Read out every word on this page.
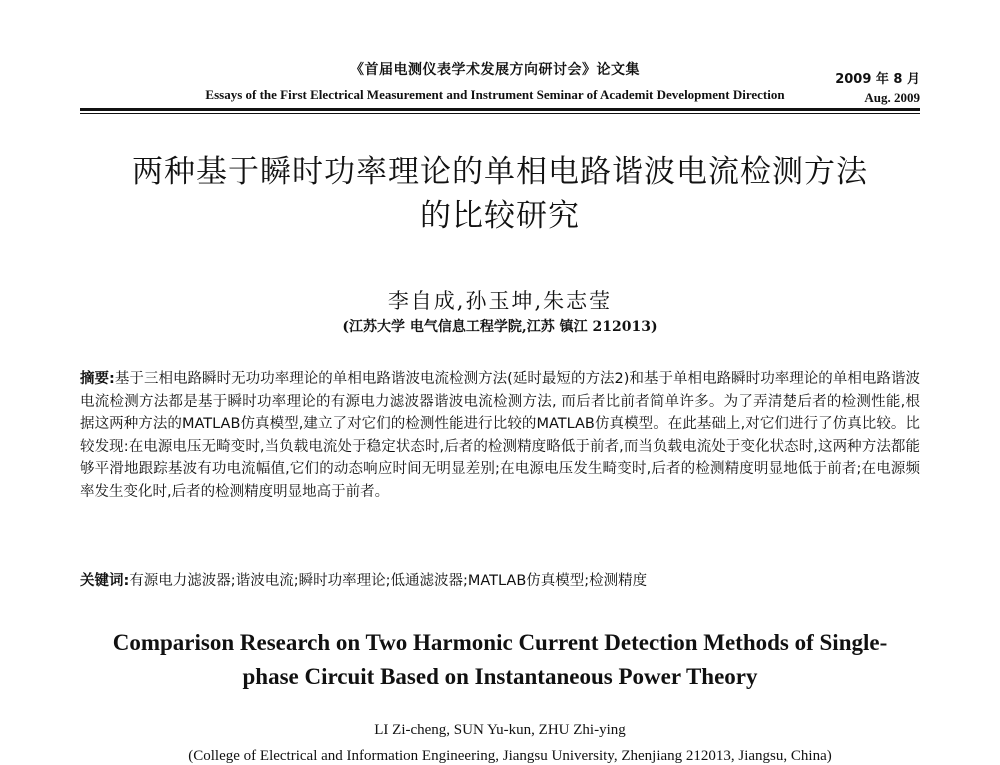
《首届电测仪表学术发展方向研讨会》论文集
2009 年 8 月
Essays of the First Electrical Measurement and Instrument Seminar of Academit Development Direction	Aug. 2009
两种基于瞬时功率理论的单相电路谐波电流检测方法
的比较研究
李自成,孙玉坤,朱志莹
(江苏大学 电气信息工程学院,江苏 镇江 212013)
摘要:基于三相电路瞬时无功功率理论的单相电路谐波电流检测方法(延时最短的方法2)和基于单相电路瞬时功率理论的单相电路谐波电流检测方法都是基于瞬时功率理论的有源电力滤波器谐波电流检测方法, 而后者比前者简单许多。为了弄清楚后者的检测性能,根据这两种方法的MATLAB仿真模型,建立了对它们的检测性能进行比较的MATLAB仿真模型。在此基础上,对它们进行了仿真比较。比较发现:在电源电压无畸变时,当负载电流处于稳定状态时,后者的检测精度略低于前者,而当负载电流处于变化状态时,这两种方法都能够平滑地跟踪基波有功电流幅值,它们的动态响应时间无明显差别;在电源电压发生畸变时,后者的检测精度明显地低于前者;在电源频率发生变化时,后者的检测精度明显地高于前者。
关键词:有源电力滤波器;谐波电流;瞬时功率理论;低通滤波器;MATLAB仿真模型;检测精度
Comparison Research on Two Harmonic Current Detection Methods of Single-
phase Circuit Based on Instantaneous Power Theory
LI Zi-cheng, SUN Yu-kun, ZHU Zhi-ying
(College of Electrical and Information Engineering, Jiangsu University, Zhenjiang 212013, Jiangsu, China)
